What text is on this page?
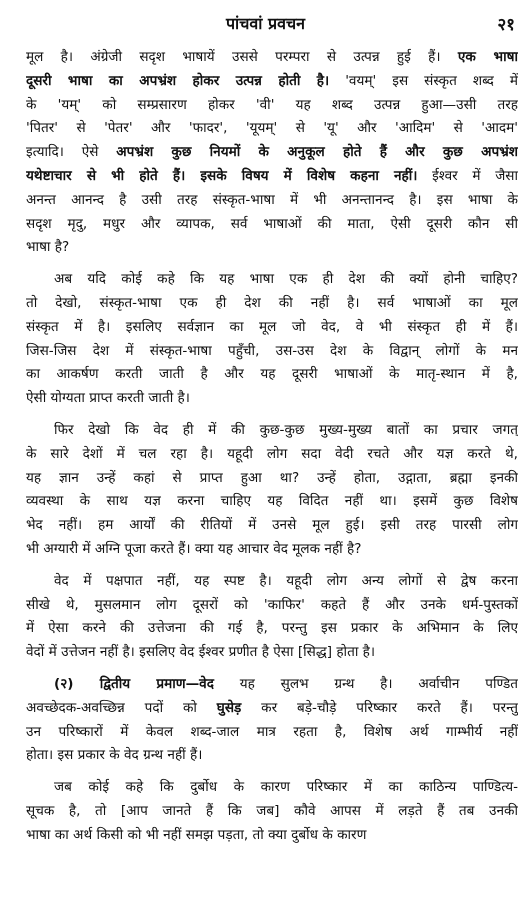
पांचवां प्रवचन	२१
मूल है। अंग्रेजी सदृश भाषायें उससे परम्परा से उत्पन्न हुई हैं। एक भाषा
दूसरी भाषा का अपभ्रंश होकर उत्पन्न होती है। 'वयम्' इस संस्कृत शब्द में
के 'यम्' को सम्प्रसारण होकर 'वी' यह शब्द उत्पन्न हुआ—उसी तरह
'पितर' से 'पेतर' और 'फादर', 'यूयम्' से 'यू' और 'आदिम' से 'आदम'
इत्यादि। ऐसे अपभ्रंश कुछ नियमों के अनुकूल होते हैं और कुछ अपभ्रंश
यथेष्टाचार से भी होते हैं। इसके विषय में विशेष कहना नहीं। ईश्वर में जैसा
अनन्त आनन्द है उसी तरह संस्कृत-भाषा में भी अनन्तानन्द है। इस भाषा के
सदृश मृदु, मधुर और व्यापक, सर्व भाषाओं की माता, ऐसी दूसरी कौन सी
भाषा है?
अब यदि कोई कहे कि यह भाषा एक ही देश की क्यों होनी चाहिए?
तो देखो, संस्कृत-भाषा एक ही देश की नहीं है। सर्व भाषाओं का मूल
संस्कृत में है। इसलिए सर्वज्ञान का मूल जो वेद, वे भी संस्कृत ही में हैं।
जिस-जिस देश में संस्कृत-भाषा पहुँची, उस-उस देश के विद्वान् लोगों के मन
का आकर्षण करती जाती है और यह दूसरी भाषाओं के मातृ-स्थान में है,
ऐसी योग्यता प्राप्त करती जाती है।
फिर देखो कि वेद ही में की कुछ-कुछ मुख्य-मुख्य बातों का प्रचार जगत्
के सारे देशों में चल रहा है। यहूदी लोग सदा वेदी रचते और यज्ञ करते थे,
यह ज्ञान उन्हें कहां से प्राप्त हुआ था? उन्हें होता, उद्गाता, ब्रह्मा इनकी
व्यवस्था के साथ यज्ञ करना चाहिए यह विदित नहीं था। इसमें कुछ विशेष
भेद नहीं। हम आर्यों की रीतियों में उनसे मूल हुई। इसी तरह पारसी लोग
भी अग्यारी में अग्नि पूजा करते हैं। क्या यह आचार वेद मूलक नहीं है?
वेद में पक्षपात नहीं, यह स्पष्ट है। यहूदी लोग अन्य लोगों से द्वेष करना
सीखे थे, मुसलमान लोग दूसरों को 'काफिर' कहते हैं और उनके धर्म-पुस्तकों
में ऐसा करने की उत्तेजना की गई है, परन्तु इस प्रकार के अभिमान के लिए
वेदों में उत्तेजन नहीं है। इसलिए वेद ईश्वर प्रणीत है ऐसा [सिद्ध] होता है।
(२) द्वितीय प्रमाण—वेद यह सुलभ ग्रन्थ है। अर्वाचीन पण्डित
अवच्छेदक-अवच्छिन्न पदों को घुसेड़ कर बड़े-चौड़े परिष्कार करते हैं। परन्तु
उन परिष्कारों में केवल शब्द-जाल मात्र रहता है, विशेष अर्थ गाम्भीर्य नहीं
होता। इस प्रकार के वेद ग्रन्थ नहीं हैं।
जब कोई कहे कि दुर्बोध के कारण परिष्कार में का काठिन्य पाण्डित्य-
सूचक है, तो [आप जानते हैं कि जब] कौवे आपस में लड़ते हैं तब उनकी
भाषा का अर्थ किसी को भी नहीं समझ पड़ता, तो क्या दुर्बोध के कारण
